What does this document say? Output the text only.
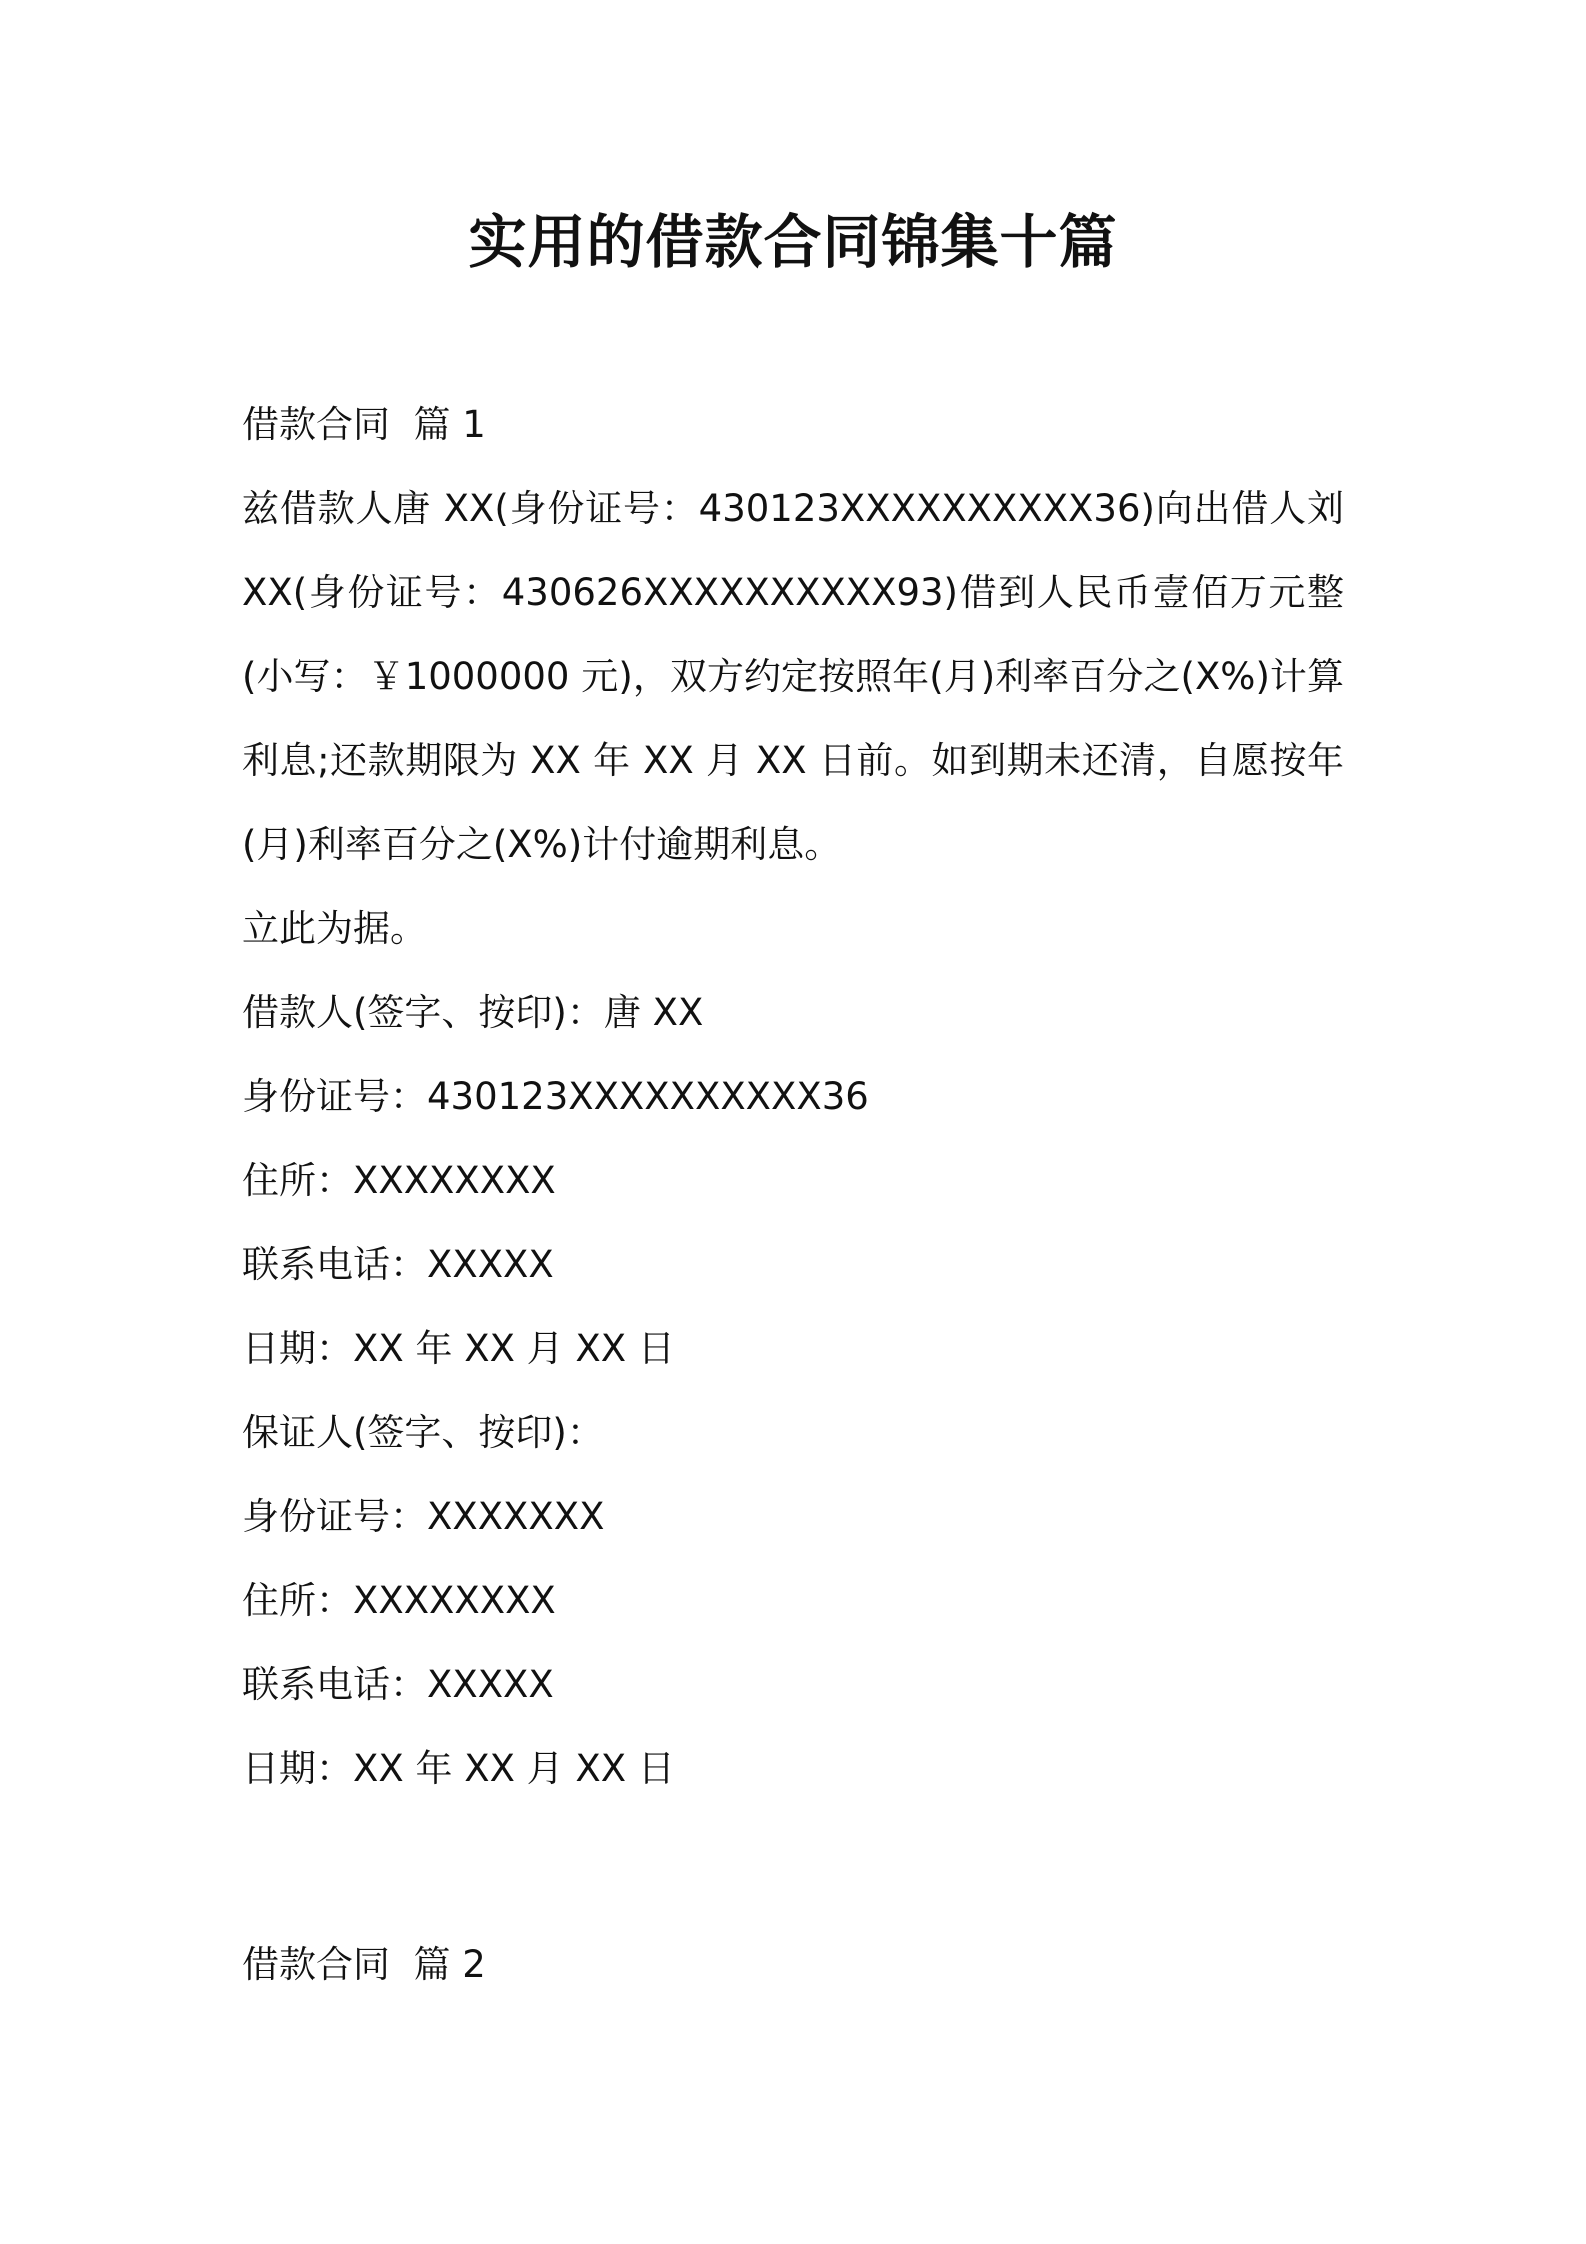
实用的借款合同锦集十篇
借款合同  篇 1

兹借款人唐 XX(身份证号：430123XXXXXXXXXX36)向出借人刘 XX(身份证号：430626XXXXXXXXXX93)借到人民币壹佰万元整(小写：￥1000000 元)，双方约定按照年(月)利率百分之(X%)计算利息;还款期限为 XX 年 XX 月 XX 日前。如到期未还清，自愿按年(月)利率百分之(X%)计付逾期利息。

立此为据。

借款人(签字、按印)：唐 XX

身份证号：430123XXXXXXXXXX36

住所：XXXXXXXX

联系电话：XXXXX

日期：XX 年 XX 月 XX 日

保证人(签字、按印)：

身份证号：XXXXXXX

住所：XXXXXXXX

联系电话：XXXXX

日期：XX 年 XX 月 XX 日

借款合同  篇 2
